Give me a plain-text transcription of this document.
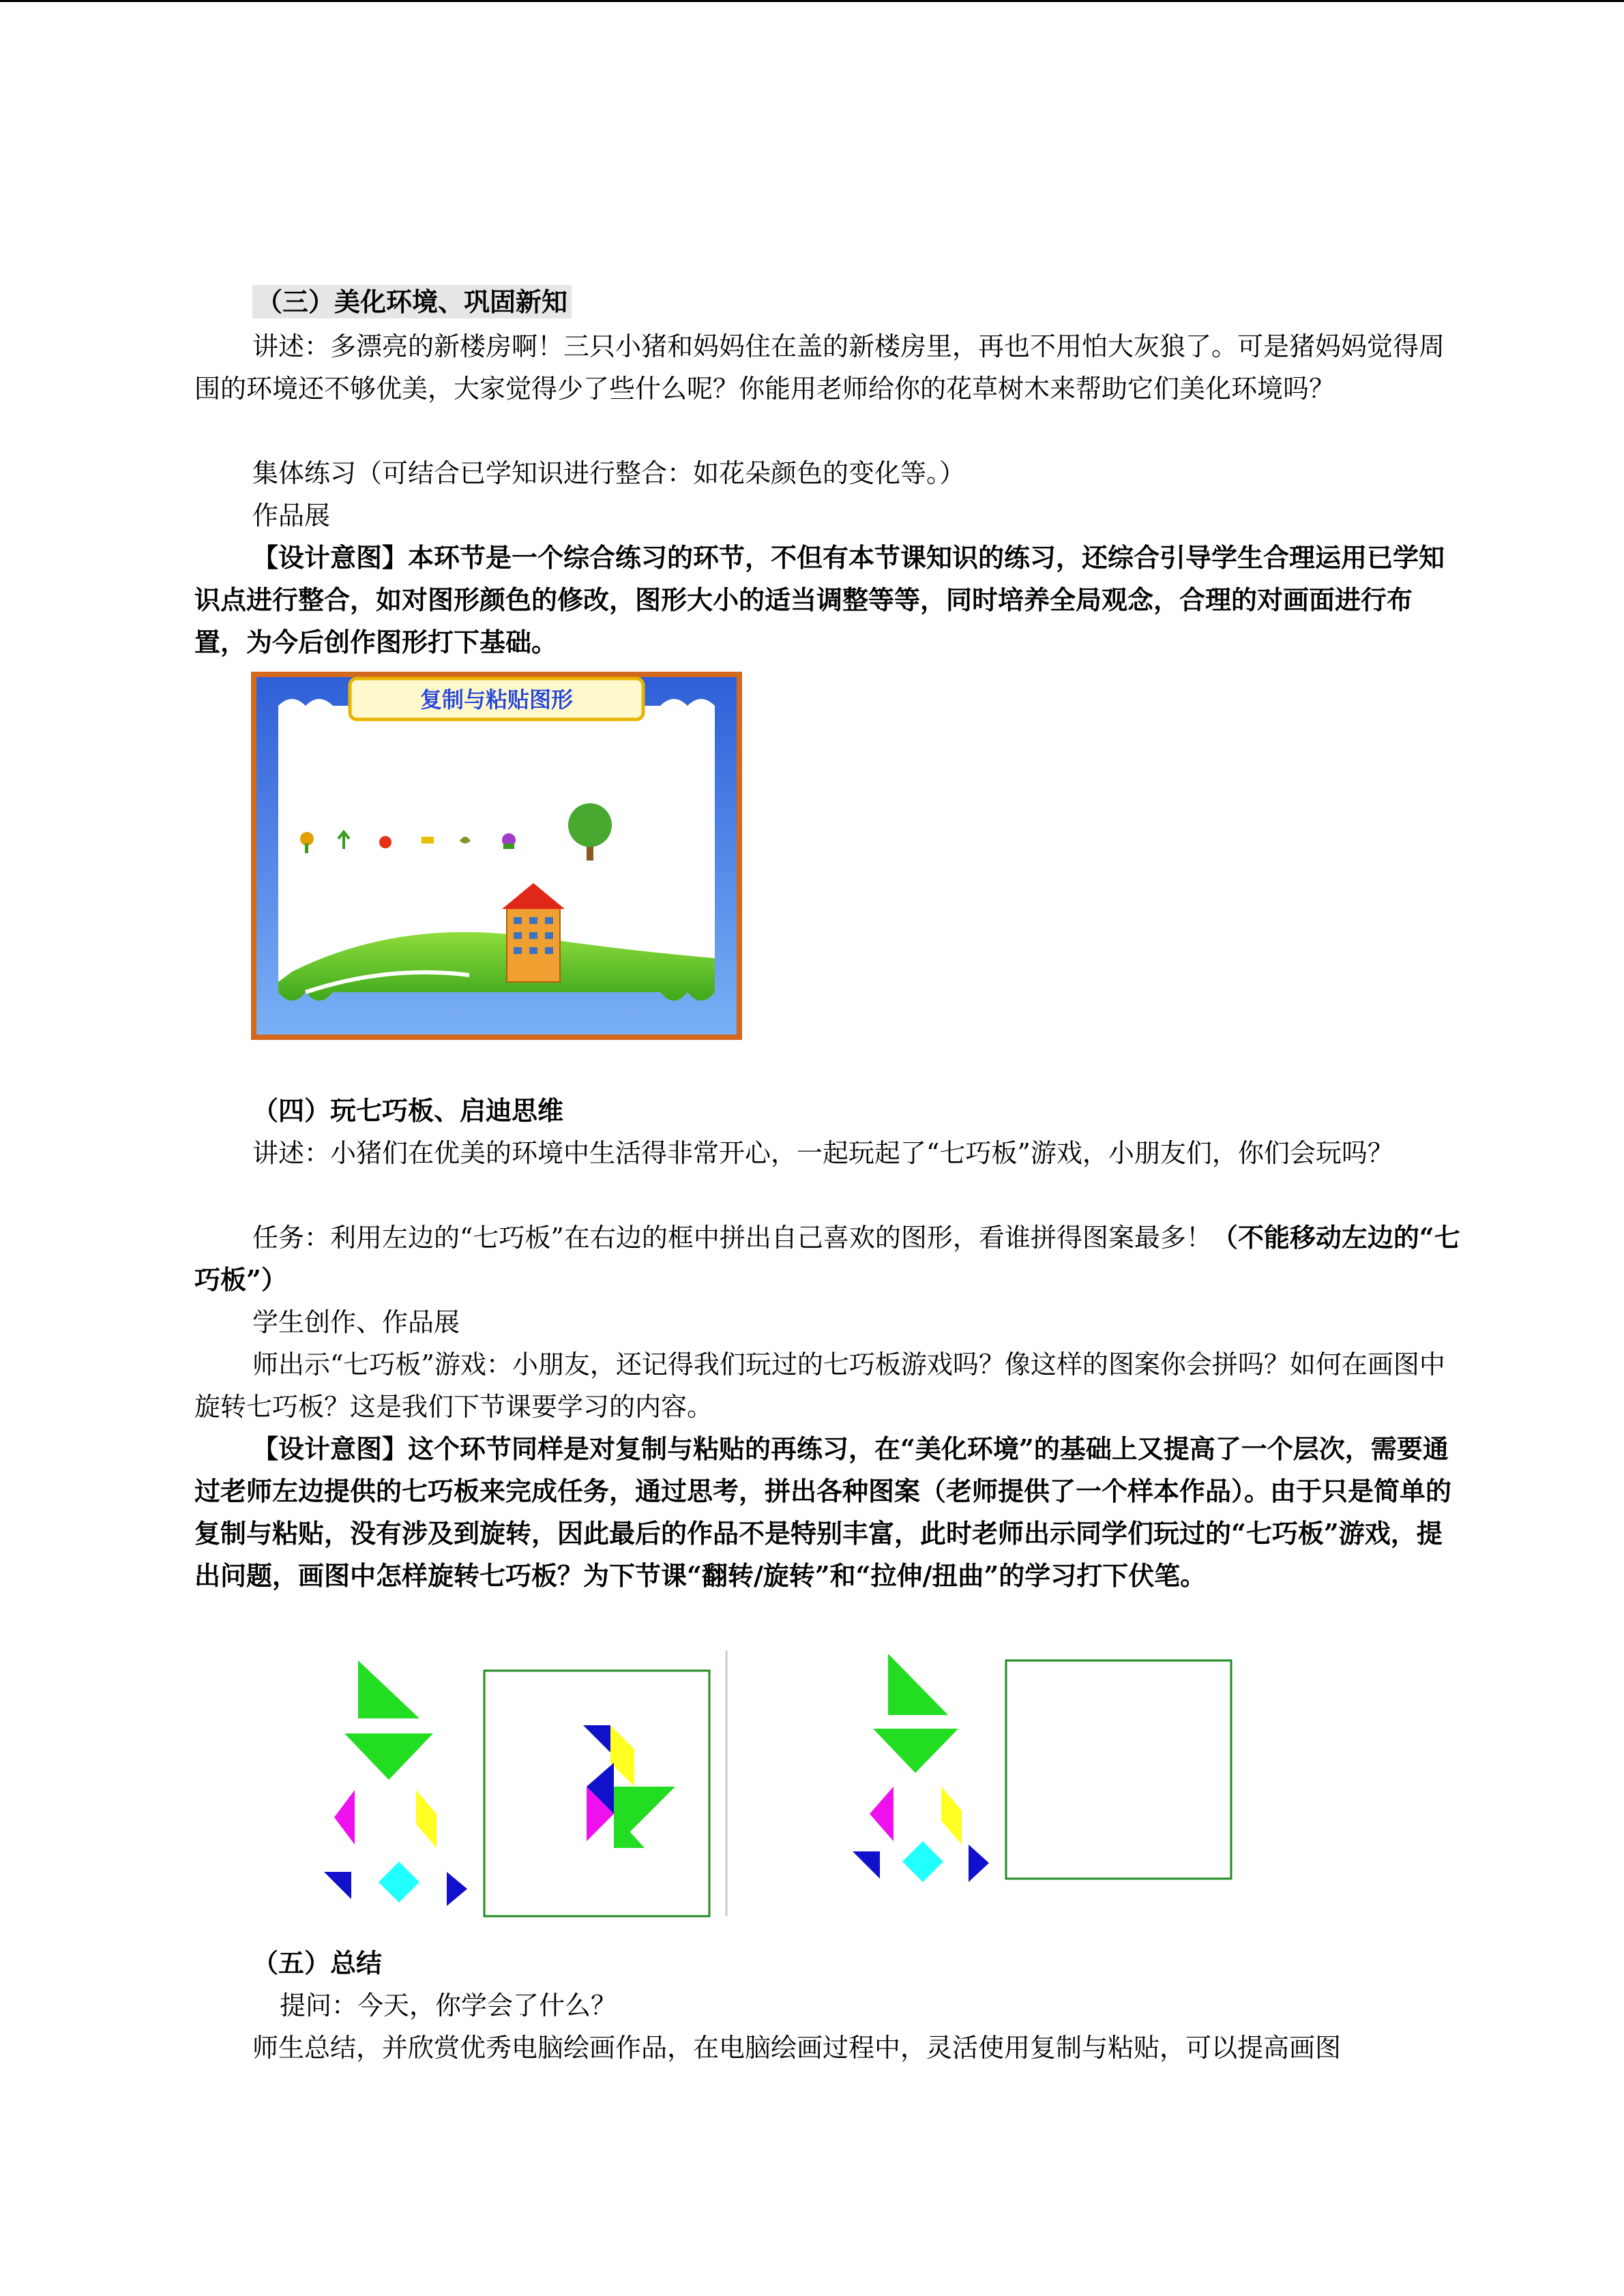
（三）美化环境、巩固新知

讲述：多漂亮的新楼房啊！三只小猪和妈妈住在盖的新楼房里，再也不用怕大灰狼了。可是猪妈妈觉得周围的环境还不够优美，大家觉得少了些什么呢？你能用老师给你的花草树木来帮助它们美化环境吗？

集体练习（可结合已学知识进行整合：如花朵颜色的变化等。）

作品展

【设计意图】本环节是一个综合练习的环节，不但有本节课知识的练习，还综合引导学生合理运用已学知识点进行整合，如对图形颜色的修改，图形大小的适当调整等等，同时培养全局观念，合理的对画面进行布置，为今后创作图形打下基础。

复制与粘贴图形

（四）玩七巧板、启迪思维

讲述：小猪们在优美的环境中生活得非常开心，一起玩起了“七巧板”游戏，小朋友们，你们会玩吗？

任务：利用左边的“七巧板”在右边的框中拼出自己喜欢的图形，看谁拼得图案最多！（不能移动左边的“七巧板”）

学生创作、作品展

师出示“七巧板”游戏：小朋友，还记得我们玩过的七巧板游戏吗？像这样的图案你会拼吗？如何在画图中旋转七巧板？这是我们下节课要学习的内容。

【设计意图】这个环节同样是对复制与粘贴的再练习，在“美化环境”的基础上又提高了一个层次，需要通过老师左边提供的七巧板来完成任务，通过思考，拼出各种图案（老师提供了一个样本作品）。由于只是简单的复制与粘贴，没有涉及到旋转，因此最后的作品不是特别丰富，此时老师出示同学们玩过的“七巧板”游戏，提出问题，画图中怎样旋转七巧板？为下节课“翻转/旋转”和“拉伸/扭曲”的学习打下伏笔。

（五）总结

提问：今天，你学会了什么？

师生总结，并欣赏优秀电脑绘画作品，在电脑绘画过程中，灵活使用复制与粘贴，可以提高画图
